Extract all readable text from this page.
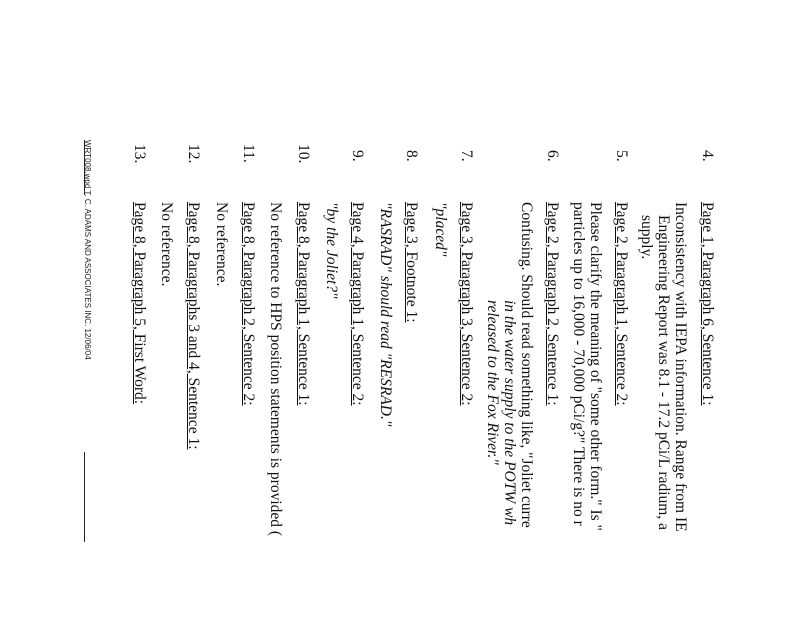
4.Page 1, Paragraph 6, Sentence 1:
Inconsistency with IEPA information. Range from IE
Engineering Report was 8.1 - 17.2 pCi/L radium, a
supply.
5.Page 2, Paragraph 1, Sentence 2:
Please clarify the meaning of "some other form." Is "
particles up to 16,000 - 70,000 pCi/g?" There is no r
6.Page 2, Paragraph 2, Sentence 1:
Confusing. Should read something like, "Joliet curre
in the water supply to the POTW wh
released to the Fox River."
7.Page 3, Paragraph 3, Sentence 2:
"placed"
8.Page 3, Footnote 1:
"RASRAD" should read "RESRAD."
9.Page 4, Paragraph 1, Sentence 2:
"by the Joliet?"
10.Page 8, Paragraph 1, Sentence 1:
No reference to HPS position statements is provided (
11.Page 8, Paragraph 2, Sentence 2:
No reference.
12.Page 8, Paragraphs 3 and 4, Sentence 1:
No reference.
13.Page 8, Paragraph 5, First Word:
WRT008.wpd T. C. ADAMS AND ASSOCIATES INC. 12/06/04
